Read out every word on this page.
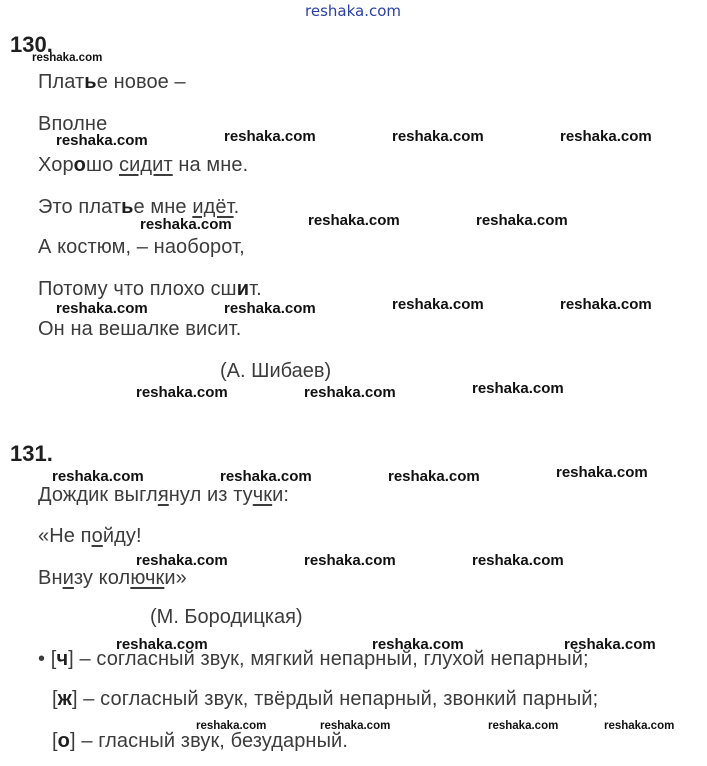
reshaka.com
130.
Платье новое –
Вполне
Хорошо сидит на мне.
Это платье мне идёт.
А костюм, – наоборот,
Потому что плохо сшит.
Он на вешалке висит.
(А. Шибаев)
131.
Дождик выглянул из тучки:
«Не пойду!
Внизу колючки»
(М. Бородицкая)
• [ч] – согласный звук, мягкий непарный, глухой непарный;
[ж] – согласный звук, твёрдый непарный, звонкий парный;
[о] – гласный звук, безударный.
reshaka.com
reshaka.com	reshaka.com	reshaka.com	reshaka.com
reshaka.com	reshaka.com	reshaka.com
reshaka.com	reshaka.com	reshaka.com	reshaka.com
reshaka.com	reshaka.com	reshaka.com
reshaka.com	reshaka.com	reshaka.com	reshaka.com
reshaka.com	reshaka.com	reshaka.com
reshaka.com	reshaka.com	reshaka.com
reshaka.com	reshaka.com	reshaka.com	reshaka.com
